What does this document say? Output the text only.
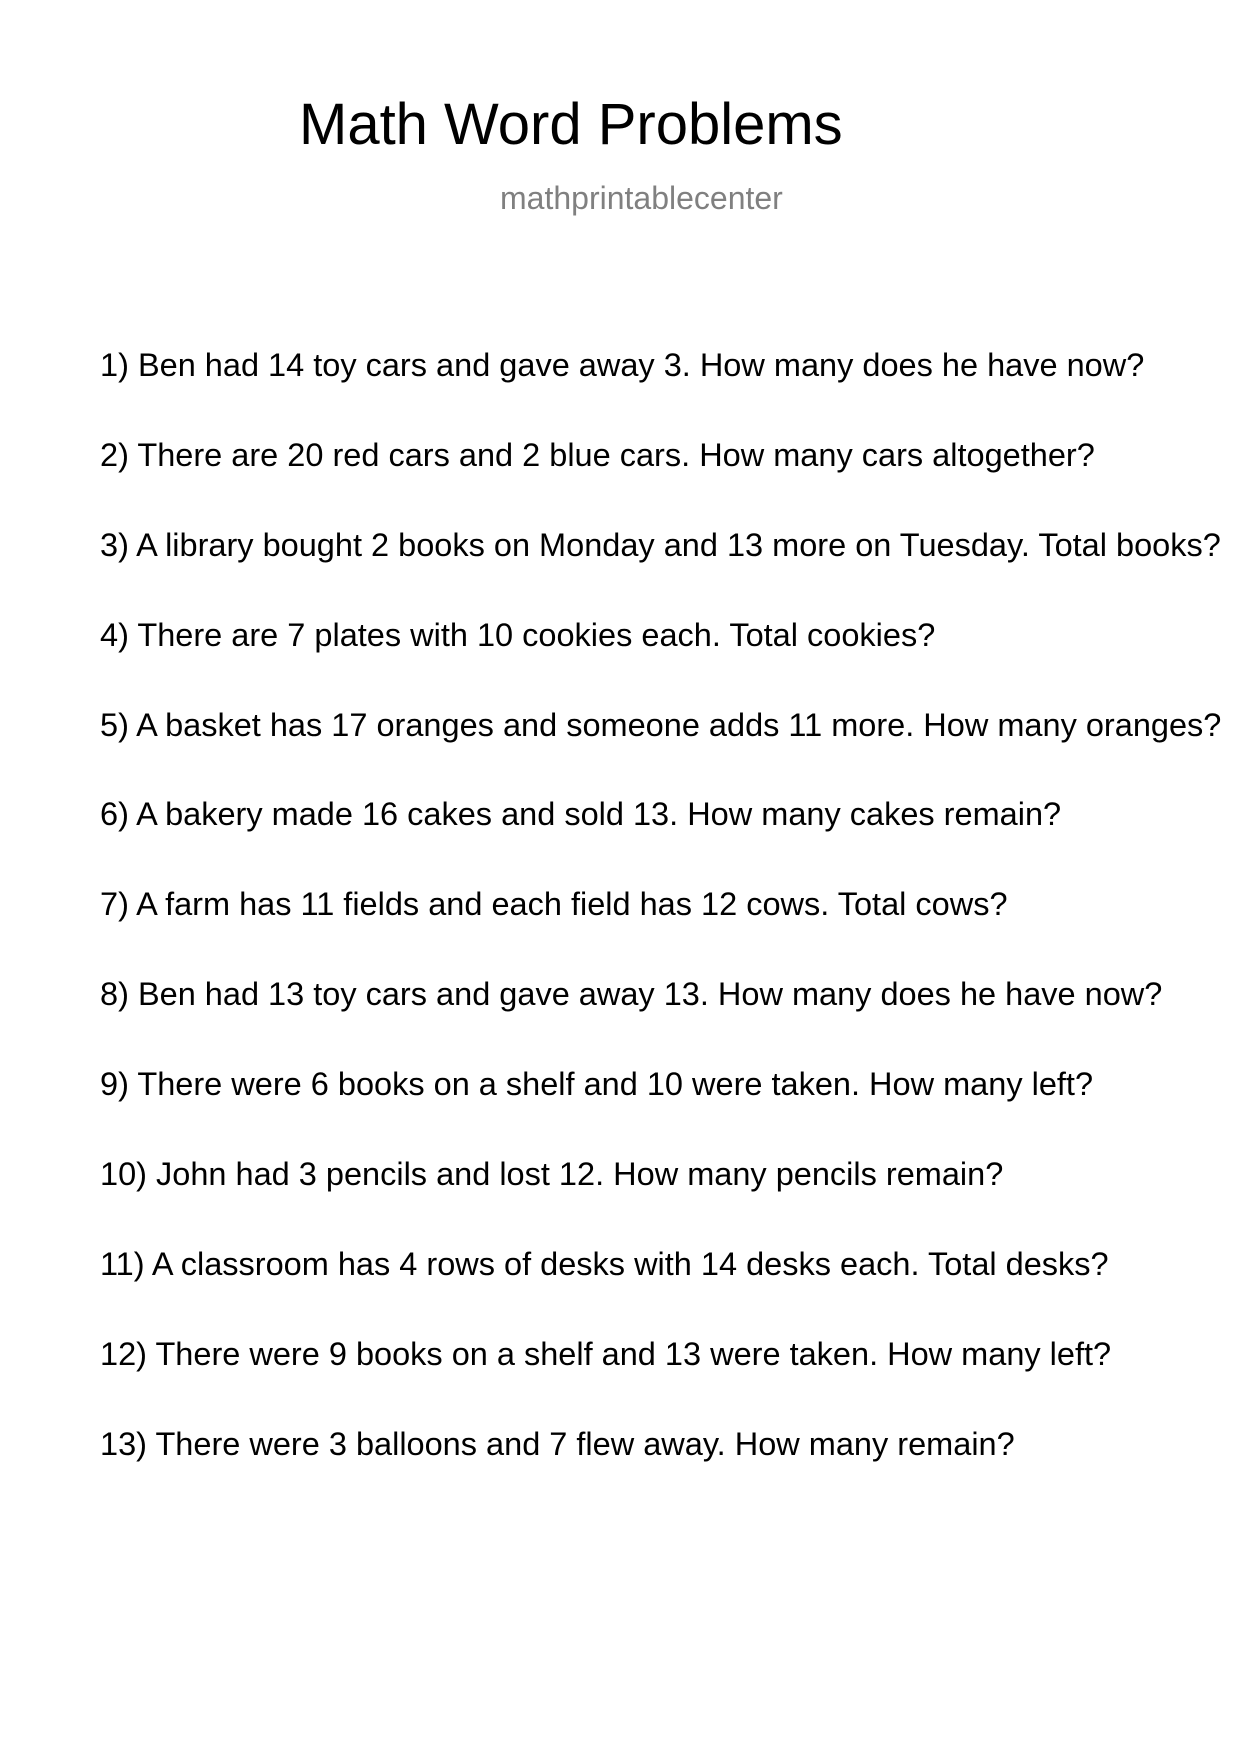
Math Word Problems
mathprintablecenter
1) Ben had 14 toy cars and gave away 3. How many does he have now?
2) There are 20 red cars and 2 blue cars. How many cars altogether?
3) A library bought 2 books on Monday and 13 more on Tuesday. Total books?
4) There are 7 plates with 10 cookies each. Total cookies?
5) A basket has 17 oranges and someone adds 11 more. How many oranges?
6) A bakery made 16 cakes and sold 13. How many cakes remain?
7) A farm has 11 fields and each field has 12 cows. Total cows?
8) Ben had 13 toy cars and gave away 13. How many does he have now?
9) There were 6 books on a shelf and 10 were taken. How many left?
10) John had 3 pencils and lost 12. How many pencils remain?
11) A classroom has 4 rows of desks with 14 desks each. Total desks?
12) There were 9 books on a shelf and 13 were taken. How many left?
13) There were 3 balloons and 7 flew away. How many remain?
